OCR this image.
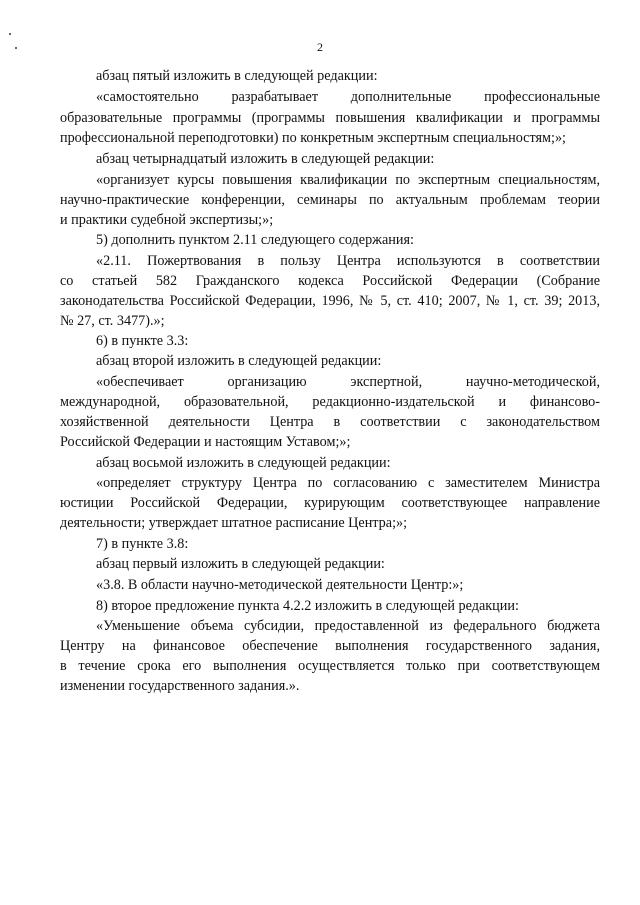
2
абзац пятый изложить в следующей редакции:
«самостоятельно разрабатывает дополнительные профессиональные
образовательные программы (программы повышения квалификации и программы
профессиональной переподготовки) по конкретным экспертным специальностям;»;
абзац четырнадцатый изложить в следующей редакции:
«организует курсы повышения квалификации по экспертным специальностям,
научно-практические конференции, семинары по актуальным проблемам теории
и практики судебной экспертизы;»;
5) дополнить пунктом 2.11 следующего содержания:
«2.11. Пожертвования в пользу Центра используются в соответствии
со статьей 582 Гражданского кодекса Российской Федерации (Собрание
законодательства Российской Федерации, 1996, № 5, ст. 410; 2007, № 1, ст. 39; 2013,
№ 27, ст. 3477).»;
6) в пункте 3.3:
абзац второй изложить в следующей редакции:
«обеспечивает организацию экспертной, научно-методической,
международной, образовательной, редакционно-издательской и финансово-
хозяйственной деятельности Центра в соответствии с законодательством
Российской Федерации и настоящим Уставом;»;
абзац восьмой изложить в следующей редакции:
«определяет структуру Центра по согласованию с заместителем Министра
юстиции Российской Федерации, курирующим соответствующее направление
деятельности; утверждает штатное расписание Центра;»;
7) в пункте 3.8:
абзац первый изложить в следующей редакции:
«3.8. В области научно-методической деятельности Центр:»;
8) второе предложение пункта 4.2.2 изложить в следующей редакции:
«Уменьшение объема субсидии, предоставленной из федерального бюджета
Центру на финансовое обеспечение выполнения государственного задания,
в течение срока его выполнения осуществляется только при соответствующем
изменении государственного задания.».
